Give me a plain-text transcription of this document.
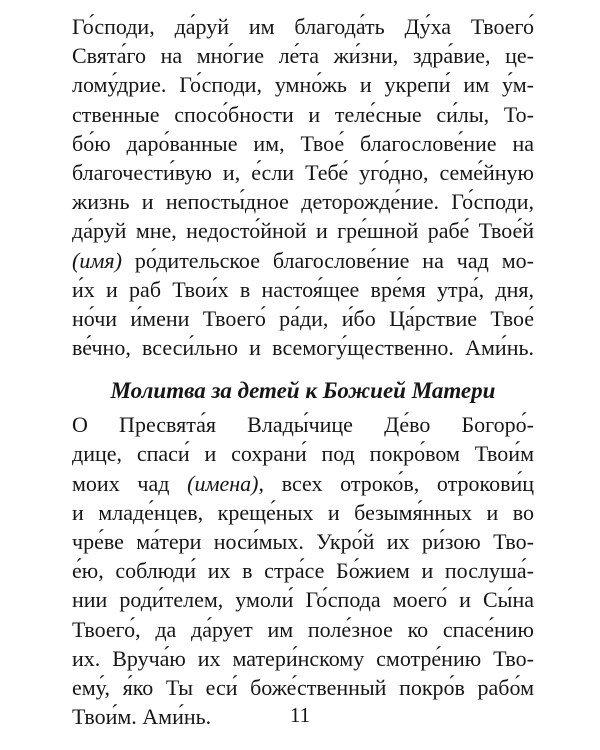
Го́споди, да́руй им благода́ть Ду́ха Твоего́
Свята́го на мно́гие ле́та жи́зни, здра́вие, це-
лому́дрие. Го́споди, умно́жь и укрепи́ им у́м-
ственные спосо́бности и теле́сные си́лы, То-
бо́ю даро́ванные им, Твое́ благослове́ние на
благочести́вую и, е́сли Тебе́ уго́дно, семе́йную
жизнь и непосты́дное деторожде́ние. Го́споди,
да́руй мне, недосто́йной и гре́шной рабе́ Твое́й
(имя) ро́дительское благослове́ние на чад мо-
и́х и раб Твои́х в настоя́щее вре́мя утра́, дня,
но́чи и́мени Твоего́ ра́ди, и́бо Ца́рствие Твое́
ве́чно, всеси́льно и всемогу́щественно. Ами́нь.
Молитва за детей к Божией Матери
О Пресвята́я Влады́чице Де́во Богоро́-
дице, спаси́ и сохрани́ под покро́вом Твои́м
моих чад (имена), всех отроко́в, отрокови́ц
и младе́нцев, креще́ных и безымя́нных и во
чре́ве ма́тери носи́мых. Укро́й их ри́зою Тво-
е́ю, соблюди́ их в стра́се Бо́жием и послуша́-
нии роди́телем, умоли́ Го́спода моего́ и Сы́на
Твоего́, да да́рует им поле́зное ко спасе́нию
их. Вруча́ю их матери́нскому смотре́нию Тво-
ему́, я́ко Ты еси́ боже́ственный покро́в рабо́м
Твои́м. Ами́нь.	11
